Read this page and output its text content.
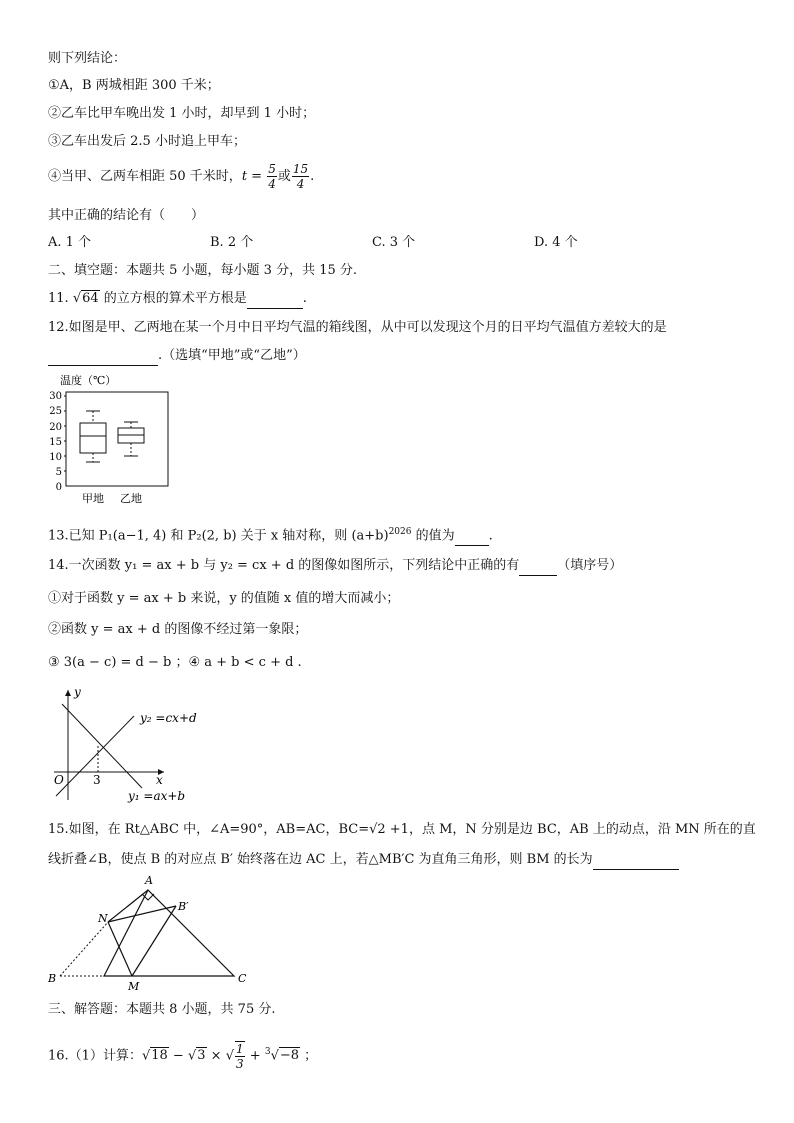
则下列结论：
①A，B 两城相距 300 千米；
②乙车比甲车晚出发 1 小时，却早到 1 小时；
③乙车出发后 2.5 小时追上甲车；
④当甲、乙两车相距 50 千米时，$t = \frac{5}{4}$ 或 $\frac{15}{4}$ .
其中正确的结论有（　　）
A. 1 个	B. 2 个	C. 3 个	D. 4 个
二、填空题：本题共 5 小题，每小题 3 分，共 15 分.
11. √64 的立方根的算术平方根是	.
12.如图是甲、乙两地在某一个月中日平均气温的箱线图，从中可以发现这个月的日平均气温值方差较大的是
.（选填“甲地”或“乙地”）
温度（℃）
30
25
20
15
10
5
0
甲地 乙地
13.已知 P₁(a−1, 4) 和 P₂(2, b) 关于 x 轴对称，则 $(a+b)^{2026}$ 的值为	.
14.一次函数 y₁ = ax + b 与 y₂ = cx + d 的图像如图所示，下列结论中正确的有	（填序号）
①对于函数 y = ax + b 来说，y 的值随 x 值的增大而减小；
②函数 y = ax + d 的图像不经过第一象限；
③ 3(a − c) = d − b ；④ a + b < c + d .
y
x
O 3
y₂ =cx+d
y₁ =ax+b
15.如图，在 Rt△ABC 中，∠A=90°，AB=AC，BC=√2 +1，点 M，N 分别是边 BC，AB 上的动点，沿 MN 所在的直
线折叠∠B，使点 B 的对应点 B′ 始终落在边 AC 上，若△MB′C 为直角三角形，则 BM 的长为
A
B	C
N
M
B′
三、解答题：本题共 8 小题，共 75 分.
16.（1）计算：√18 − √3 × √ $\frac{1}{3} + ^3√-8$ ；
